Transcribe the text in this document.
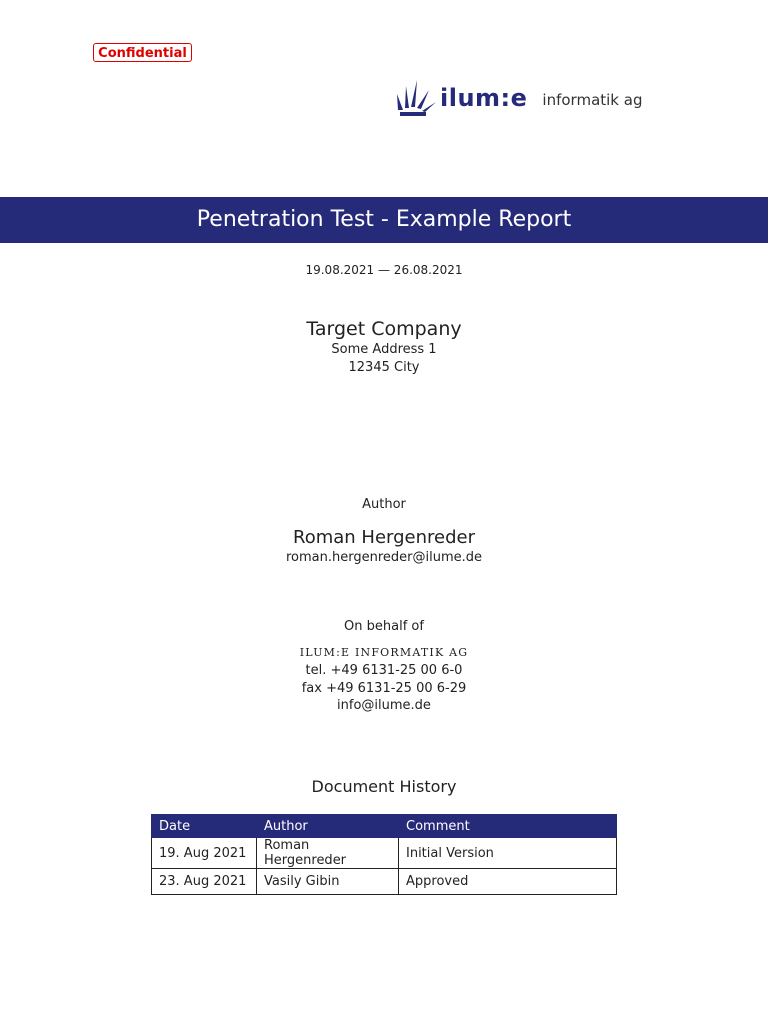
Confidential
ilum:e informatik ag
Penetration Test - Example Report
19.08.2021 — 26.08.2021
Target Company
Some Address 1
12345 City
Author
Roman Hergenreder
roman.hergenreder@ilume.de
On behalf of
ILUM:E INFORMATIK AG
tel. +49 6131-25 00 6-0
fax +49 6131-25 00 6-29
info@ilume.de
Document History
Date	Author	Comment
19. Aug 2021	Roman Hergenreder	Initial Version
23. Aug 2021	Vasily Gibin	Approved
